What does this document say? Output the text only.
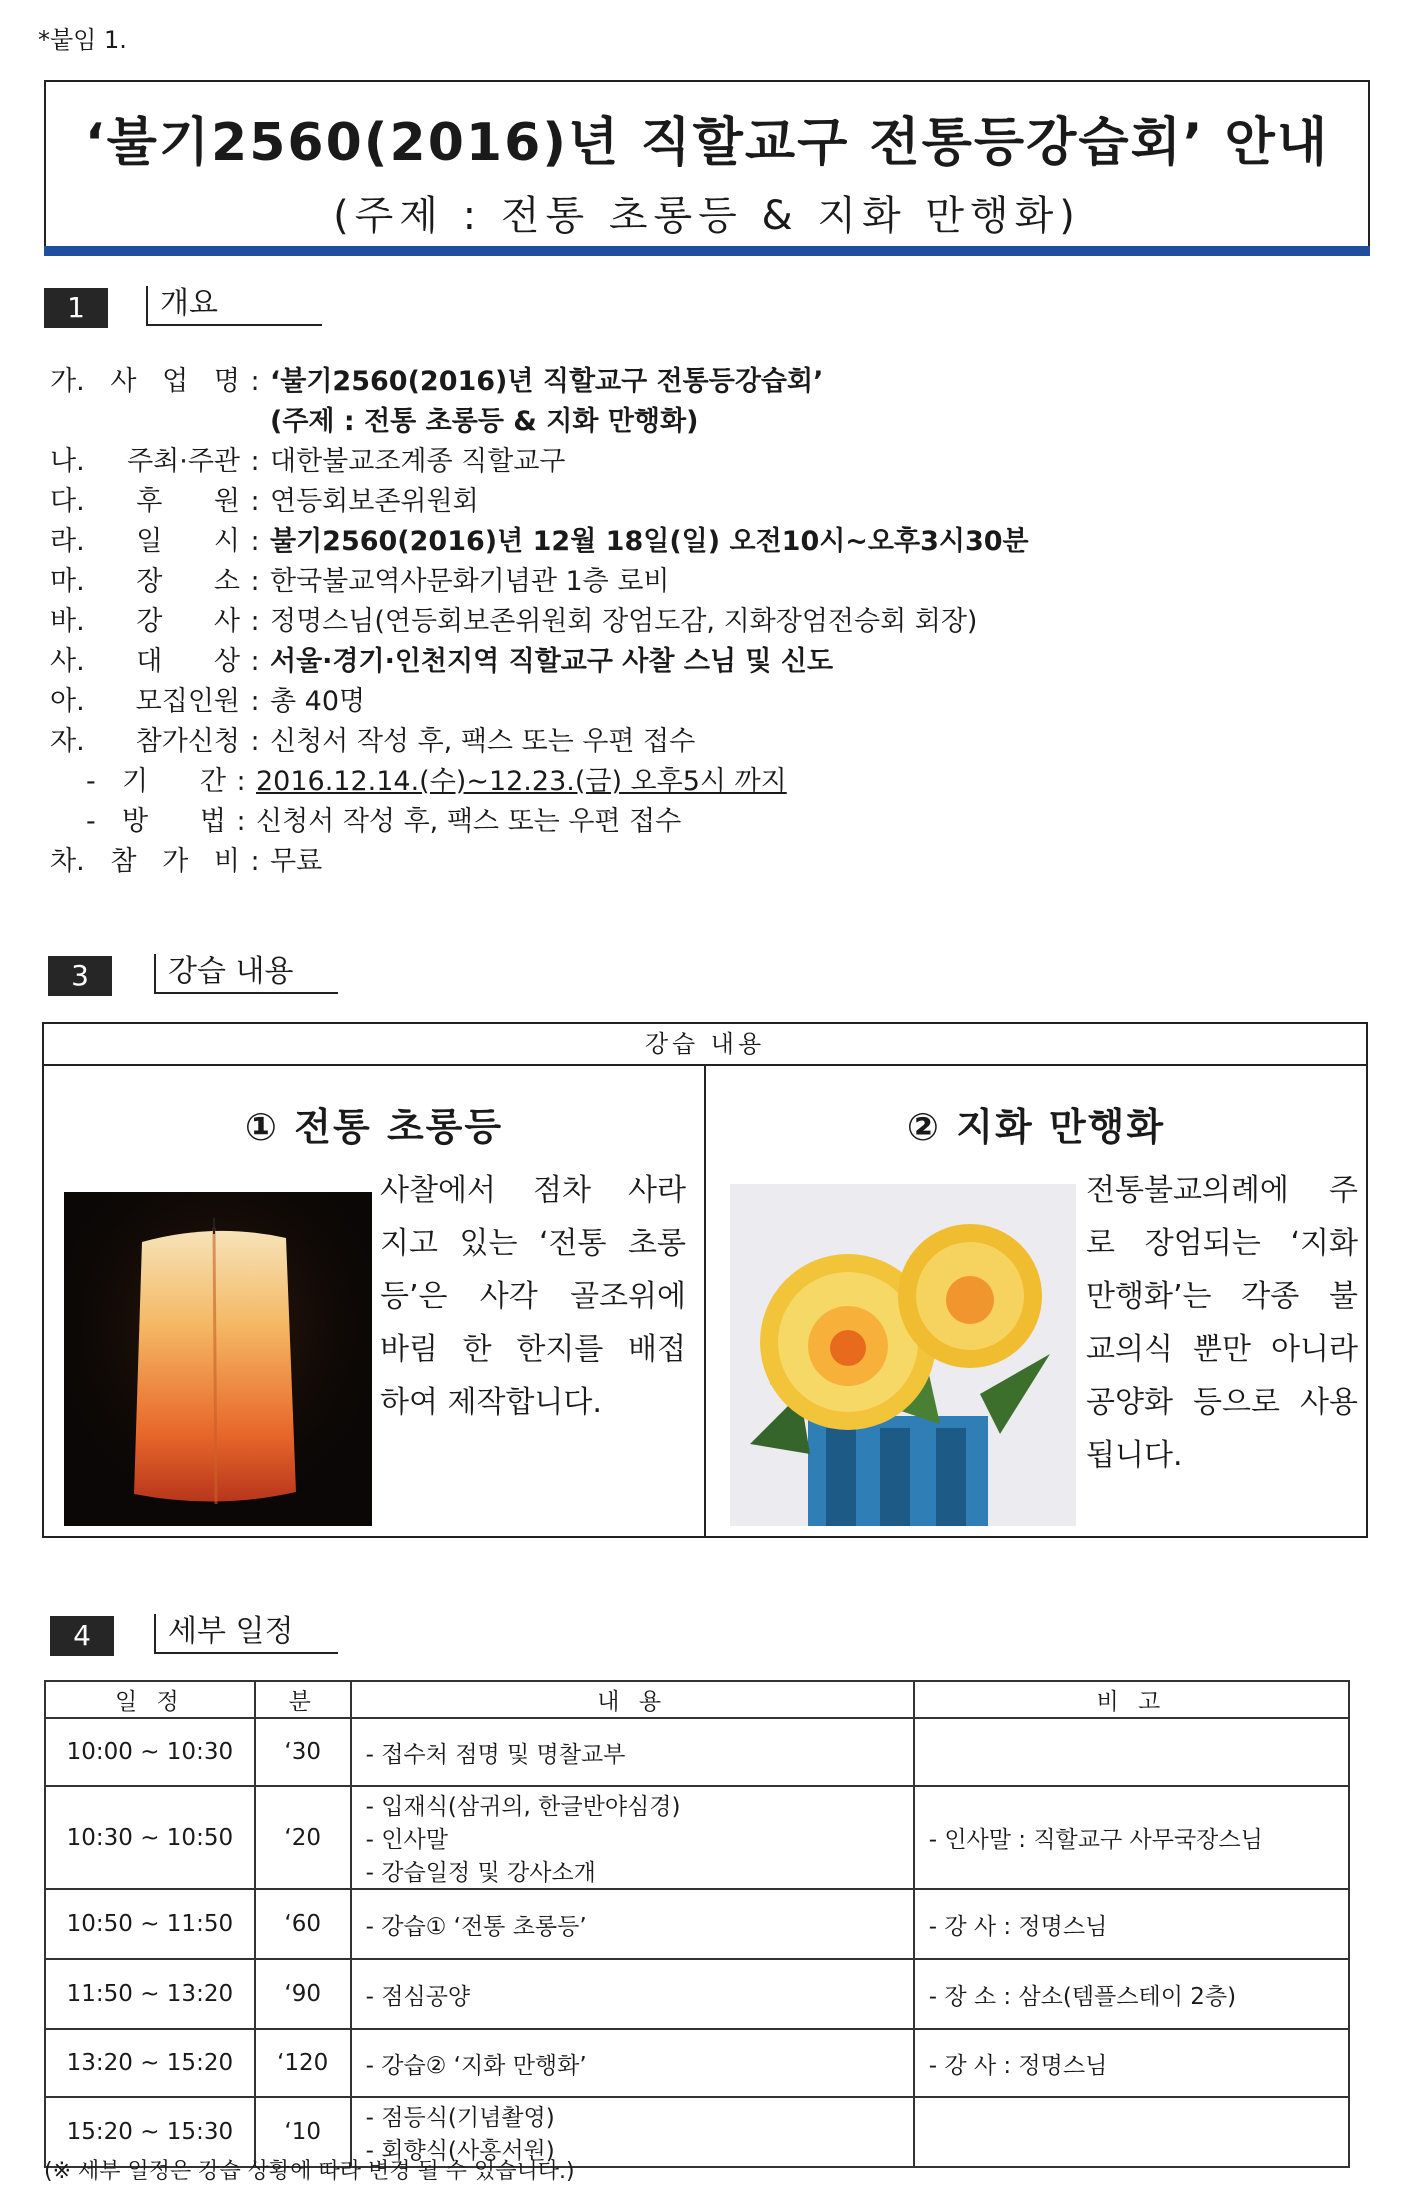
*붙임 1.
‘불기2560(2016)년 직할교구 전통등강습회’ 안내
(주제 : 전통 초롱등 & 지화 만행화)
1	개요
가. 사 업 명 : ‘불기2560(2016)년 직할교구 전통등강습회’
(주제 : 전통 초롱등 & 지화 만행화)
나. 주최·주관 : 대한불교조계종 직할교구
다. 후 원 : 연등회보존위원회
라. 일 시 : 불기2560(2016)년 12월 18일(일) 오전10시~오후3시30분
마. 장 소 : 한국불교역사문화기념관 1층 로비
바. 강 사 : 정명스님(연등회보존위원회 장엄도감, 지화장엄전승회 회장)
사. 대 상 : 서울·경기·인천지역 직할교구 사찰 스님 및 신도
아. 모집인원 : 총 40명
자. 참가신청 : 신청서 작성 후, 팩스 또는 우편 접수
- 기 간 : 2016.12.14.(수)~12.23.(금) 오후5시 까지
- 방 법 : 신청서 작성 후, 팩스 또는 우편 접수
차. 참 가 비 : 무료
3	강습 내용
강습 내용
① 전통 초롱등
사찰에서 점차 사라
지고 있는 ‘전통 초롱
등’은 사각 골조위에
바림 한 한지를 배접
하여 제작합니다.
② 지화 만행화
전통불교의례에 주
로 장엄되는 ‘지화
만행화’는 각종 불
교의식 뿐만 아니라
공양화 등으로 사용
됩니다.
4	세부 일정
일 정	분	내 용	비 고
10:00 ~ 10:30	‘30	- 접수처 점명 및 명찰교부	

10:30 ~ 10:50	‘20	- 입재식(삼귀의, 한글반야심경)
- 인사말
- 강습일정 및 강사소개	- 인사말 : 직할교구 사무국장스님
10:50 ~ 11:50	‘60	- 강습① ‘전통 초롱등’	- 강 사 : 정명스님
11:50 ~ 13:20	‘90	- 점심공양	- 장 소 : 삼소(템플스테이 2층)
13:20 ~ 15:20	‘120	- 강습② ‘지화 만행화’	- 강 사 : 정명스님
15:20 ~ 15:30	‘10	- 점등식(기념촬영)
- 회향식(사홍서원)	

(※ 세부 일정은 강습 상황에 따라 변경 될 수 있습니다.)
